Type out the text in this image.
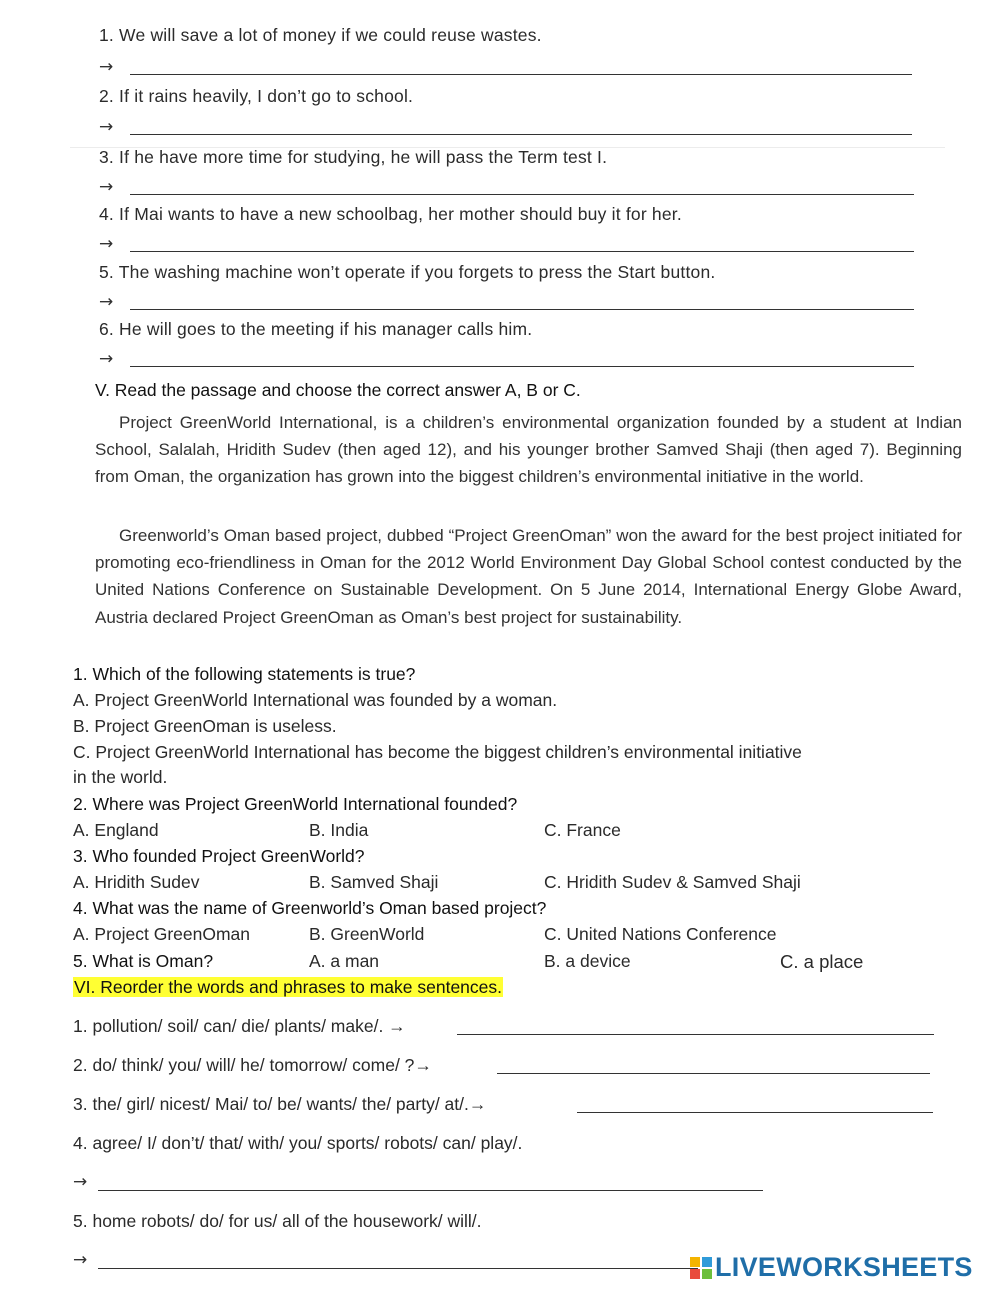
1. We will save a lot of money if we could reuse wastes.
→
2. If it rains heavily, I don’t go to school.
→
3. If he have more time for studying, he will pass the Term test I.
→
4. If Mai wants to have a new schoolbag, her mother should buy it for her.
→
5. The washing machine won’t operate if you forgets to press the Start button.
→
6. He will goes to the meeting if his manager calls him.
→
V. Read the passage and choose the correct answer A, B or C.
Project GreenWorld International, is a children’s environmental organization founded by a student at Indian School, Salalah, Hridith Sudev (then aged 12), and his younger brother Samved Shaji (then aged 7). Beginning from Oman, the organization has grown into the biggest children’s environmental initiative in the world.
Greenworld’s Oman based project, dubbed “Project GreenOman” won the award for the best project initiated for promoting eco-friendliness in Oman for the 2012 World Environment Day Global School contest conducted by the United Nations Conference on Sustainable Development. On 5 June 2014, International Energy Globe Award, Austria declared Project GreenOman as Oman’s best project for sustainability.
1. Which of the following statements is true?
A. Project GreenWorld International was founded by a woman.
B. Project GreenOman is useless.
C. Project GreenWorld International has become the biggest children’s environmental initiative
in the world.
2. Where was Project GreenWorld International founded?
A. England	B. India	C. France
3. Who founded Project GreenWorld?
A. Hridith Sudev	B. Samved Shaji	C. Hridith Sudev & Samved Shaji
4. What was the name of Greenworld’s Oman based project?
A. Project GreenOman	B. GreenWorld	C. United Nations Conference
5. What is Oman?	A. a man	B. a device	C. a place
VI. Reorder the words and phrases to make sentences.
1. pollution/ soil/ can/ die/ plants/ make/. →
2. do/ think/ you/ will/ he/ tomorrow/ come/ ?→
3. the/ girl/ nicest/ Mai/ to/ be/ wants/ the/ party/ at/.→
4. agree/ I/ don’t/ that/ with/ you/ sports/ robots/ can/ play/.
→
5. home robots/ do/ for us/ all of the housework/ will/.
→	LIVEWORKSHEETS
